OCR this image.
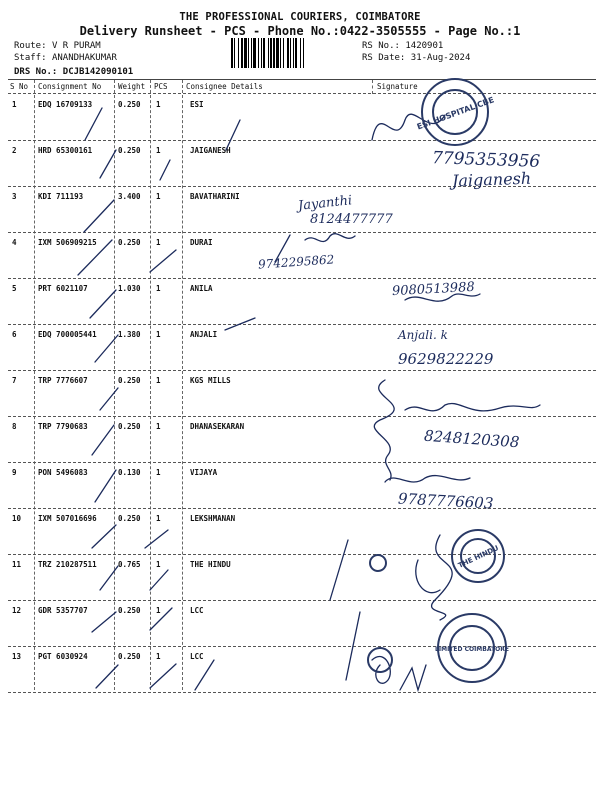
THE PROFESSIONAL COURIERS, COIMBATORE
Delivery Runsheet - PCS - Phone No.:0422-3505555 - Page No.:1
Route: V R PURAM
Staff: ANANDHAKUMAR
DRS No.: DCJB142090101
RS No.: 1420901
RS Date: 31-Aug-2024
S No Consignment No Weight PCS Consignee Details	Signature
1	EDQ 16709133	0.250 1	ESI
2	HRD 65300161	0.250 1	JAIGANESH
3	KDI 711193	3.400 1	BAVATHARINI
4	IXM 506909215	0.250 1	DURAI
5	PRT 6021107	1.030 1	ANILA
6	EDQ 700005441	1.380 1	ANJALI
7	TRP 7776607	0.250 1	KGS MILLS
8	TRP 7790683	0.250 1	DHANASEKARAN
9	PON 5496083	0.130 1	VIJAYA
10 IXM 507016696	0.250 1	LEKSHMANAN
11 TRZ 210287511	0.765 1	THE HINDU
12 GDR 5357707	0.250 1	LCC
13 PGT 6030924	0.250 1	LCC
7795353956
Jaiganesh
Jayanthi
8124477777
9742295862
9080513988
Anjali. k
9629822229
8248120308
9787776603
ESI HOSPITAL CBE
THE HINDU
LIMITED COIMBATORE
